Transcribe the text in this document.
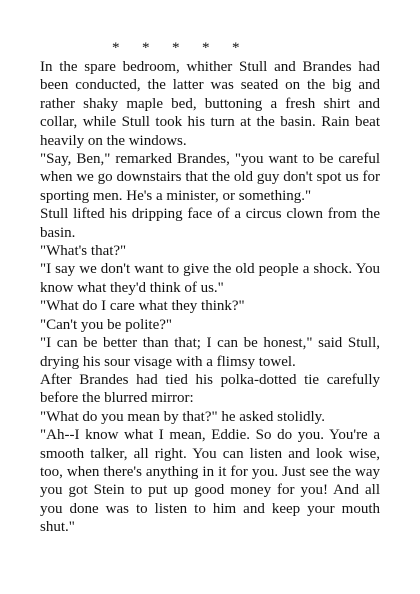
*      *      *      *      *

In the spare bedroom, whither Stull and Brandes had been conducted, the latter was seated on the big and rather shaky maple bed, buttoning a fresh shirt and collar, while Stull took his turn at the basin. Rain beat heavily on the windows.

"Say, Ben," remarked Brandes, "you want to be careful when we go downstairs that the old guy don't spot us for sporting men. He's a minister, or something."

Stull lifted his dripping face of a circus clown from the basin.

"What's that?"

"I say we don't want to give the old people a shock. You know what they'd think of us."

"What do I care what they think?"

"Can't you be polite?"

"I can be better than that; I can be honest," said Stull, drying his sour visage with a flimsy towel.

After Brandes had tied his polka-dotted tie carefully before the blurred mirror:

"What do you mean by that?" he asked stolidly.

"Ah--I know what I mean, Eddie. So do you. You're a smooth talker, all right. You can listen and look wise, too, when there's anything in it for you. Just see the way you got Stein to put up good money for you! And all you done was to listen to him and keep your mouth shut."
